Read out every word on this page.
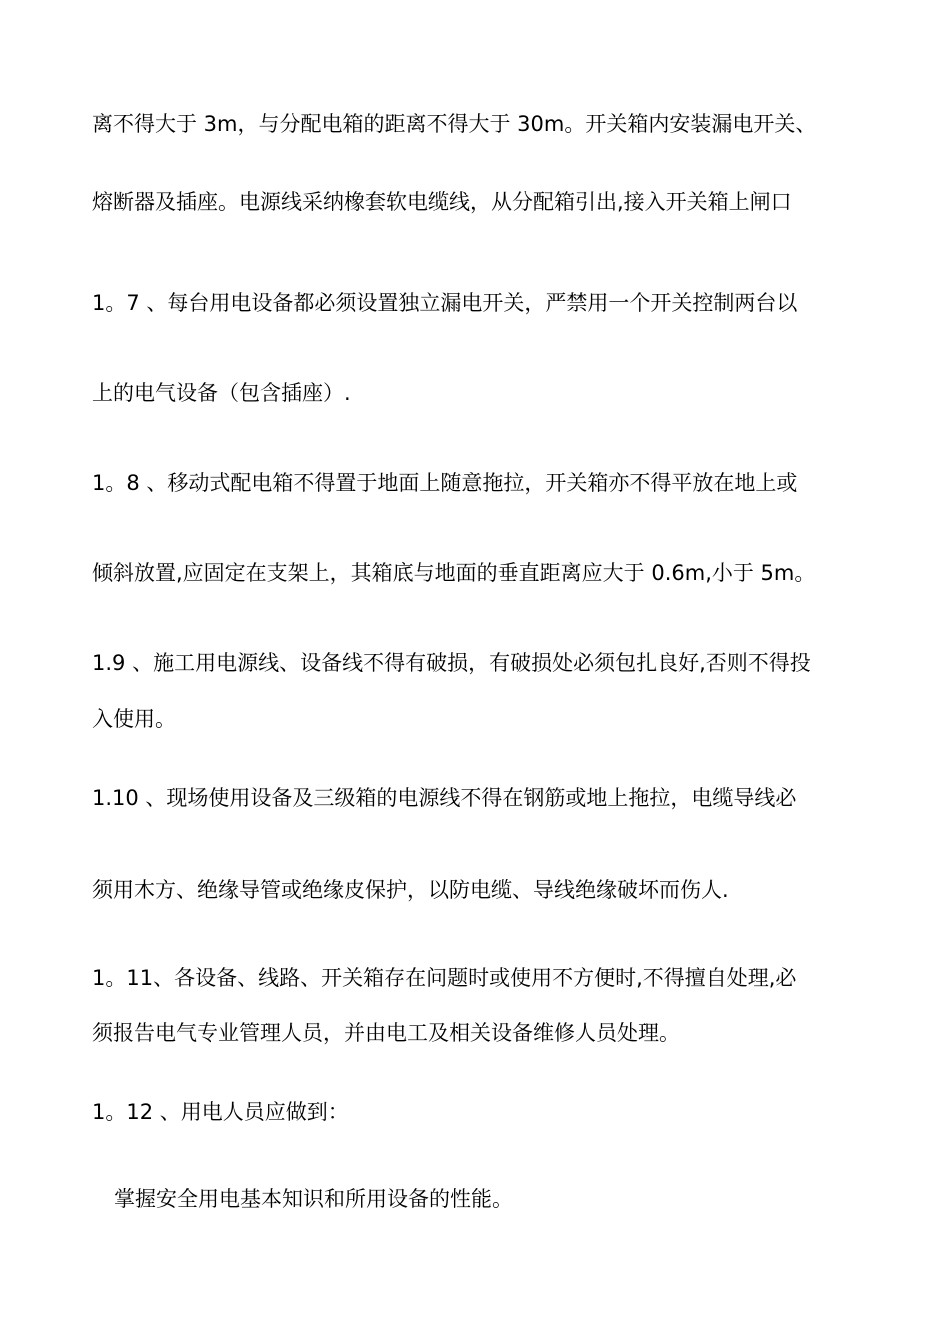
离不得大于 3m，与分配电箱的距离不得大于 30m。开关箱内安装漏电开关、
熔断器及插座。电源线采纳橡套软电缆线，从分配箱引出,接入开关箱上闸口
1。7 、每台用电设备都必须设置独立漏电开关，严禁用一个开关控制两台以
上的电气设备（包含插座）.
1。8 、移动式配电箱不得置于地面上随意拖拉，开关箱亦不得平放在地上或
倾斜放置,应固定在支架上，其箱底与地面的垂直距离应大于 0.6m,小于 5m。
1.9 、施工用电源线、设备线不得有破损，有破损处必须包扎良好,否则不得投
入使用。
1.10 、现场使用设备及三级箱的电源线不得在钢筋或地上拖拉，电缆导线必
须用木方、绝缘导管或绝缘皮保护，以防电缆、导线绝缘破坏而伤人.
1。11、各设备、线路、开关箱存在问题时或使用不方便时,不得擅自处理,必
须报告电气专业管理人员，并由电工及相关设备维修人员处理。
1。12 、用电人员应做到：
掌握安全用电基本知识和所用设备的性能。
